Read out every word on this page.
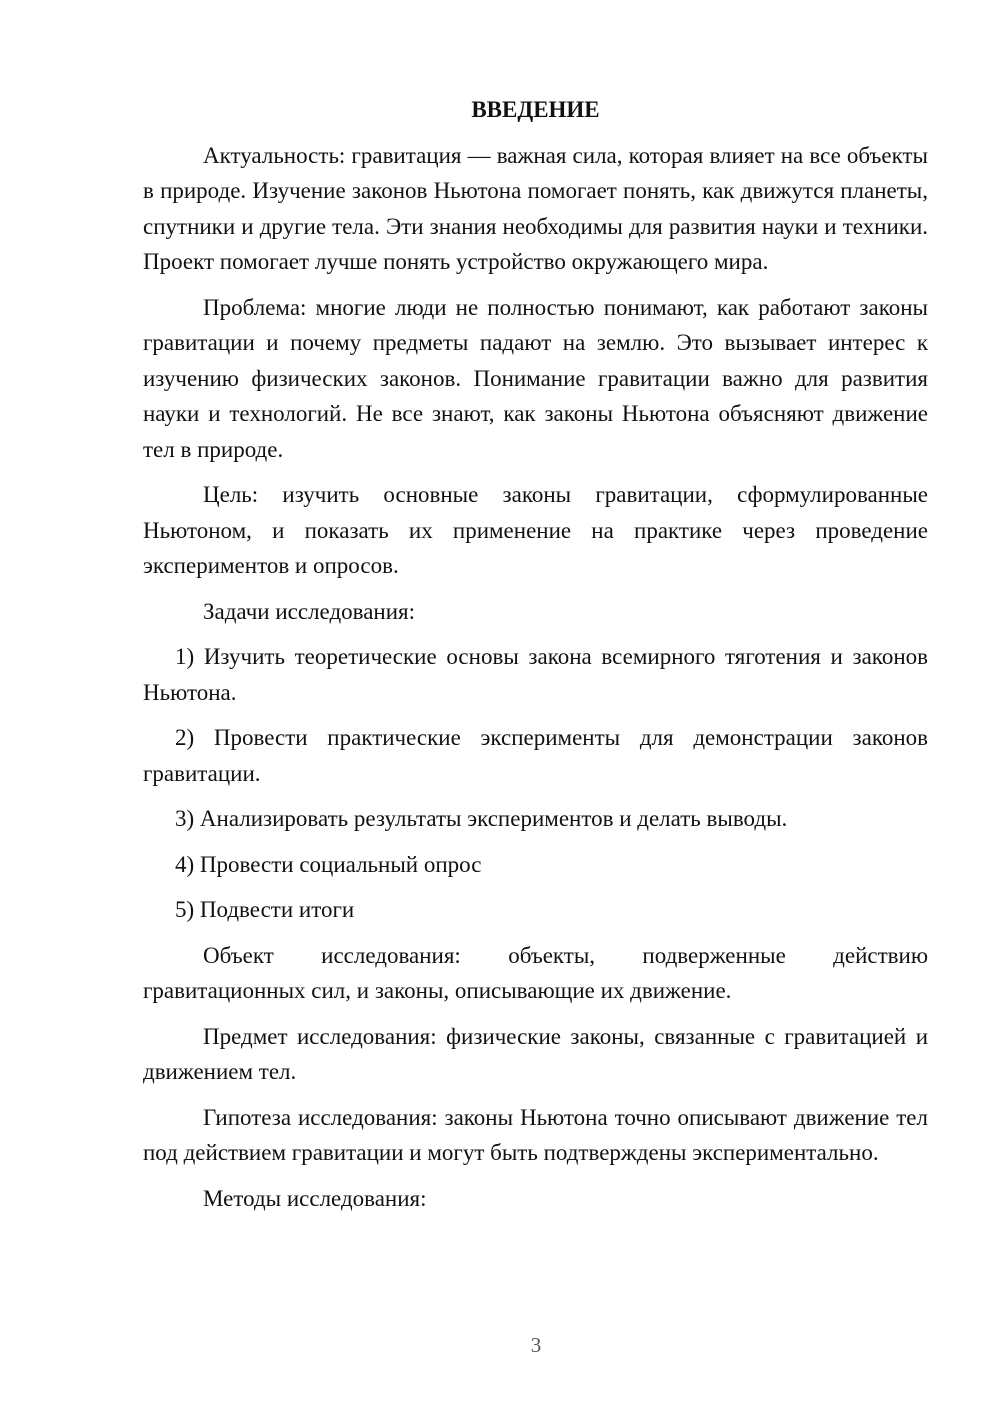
ВВЕДЕНИЕ

Актуальность: гравитация — важная сила, которая влияет на все объекты в природе. Изучение законов Ньютона помогает понять, как движутся планеты, спутники и другие тела. Эти знания необходимы для развития науки и техники. Проект помогает лучше понять устройство окружающего мира.

Проблема: многие люди не полностью понимают, как работают законы гравитации и почему предметы падают на землю. Это вызывает интерес к изучению физических законов. Понимание гравитации важно для развития науки и технологий. Не все знают, как законы Ньютона объясняют движение тел в природе.

Цель: изучить основные законы гравитации, сформулированные Ньютоном, и показать их применение на практике через проведение экспериментов и опросов.

Задачи исследования:

1) Изучить теоретические основы закона всемирного тяготения и законов Ньютона.

2) Провести практические эксперименты для демонстрации законов гравитации.

3) Анализировать результаты экспериментов и делать выводы.

4) Провести социальный опрос

5) Подвести итоги

Объект исследования: объекты, подверженные действию гравитационных сил, и законы, описывающие их движение.

Предмет исследования: физические законы, связанные с гравитацией и движением тел.

Гипотеза исследования: законы Ньютона точно описывают движение тел под действием гравитации и могут быть подтверждены экспериментально.

Методы исследования:

3
